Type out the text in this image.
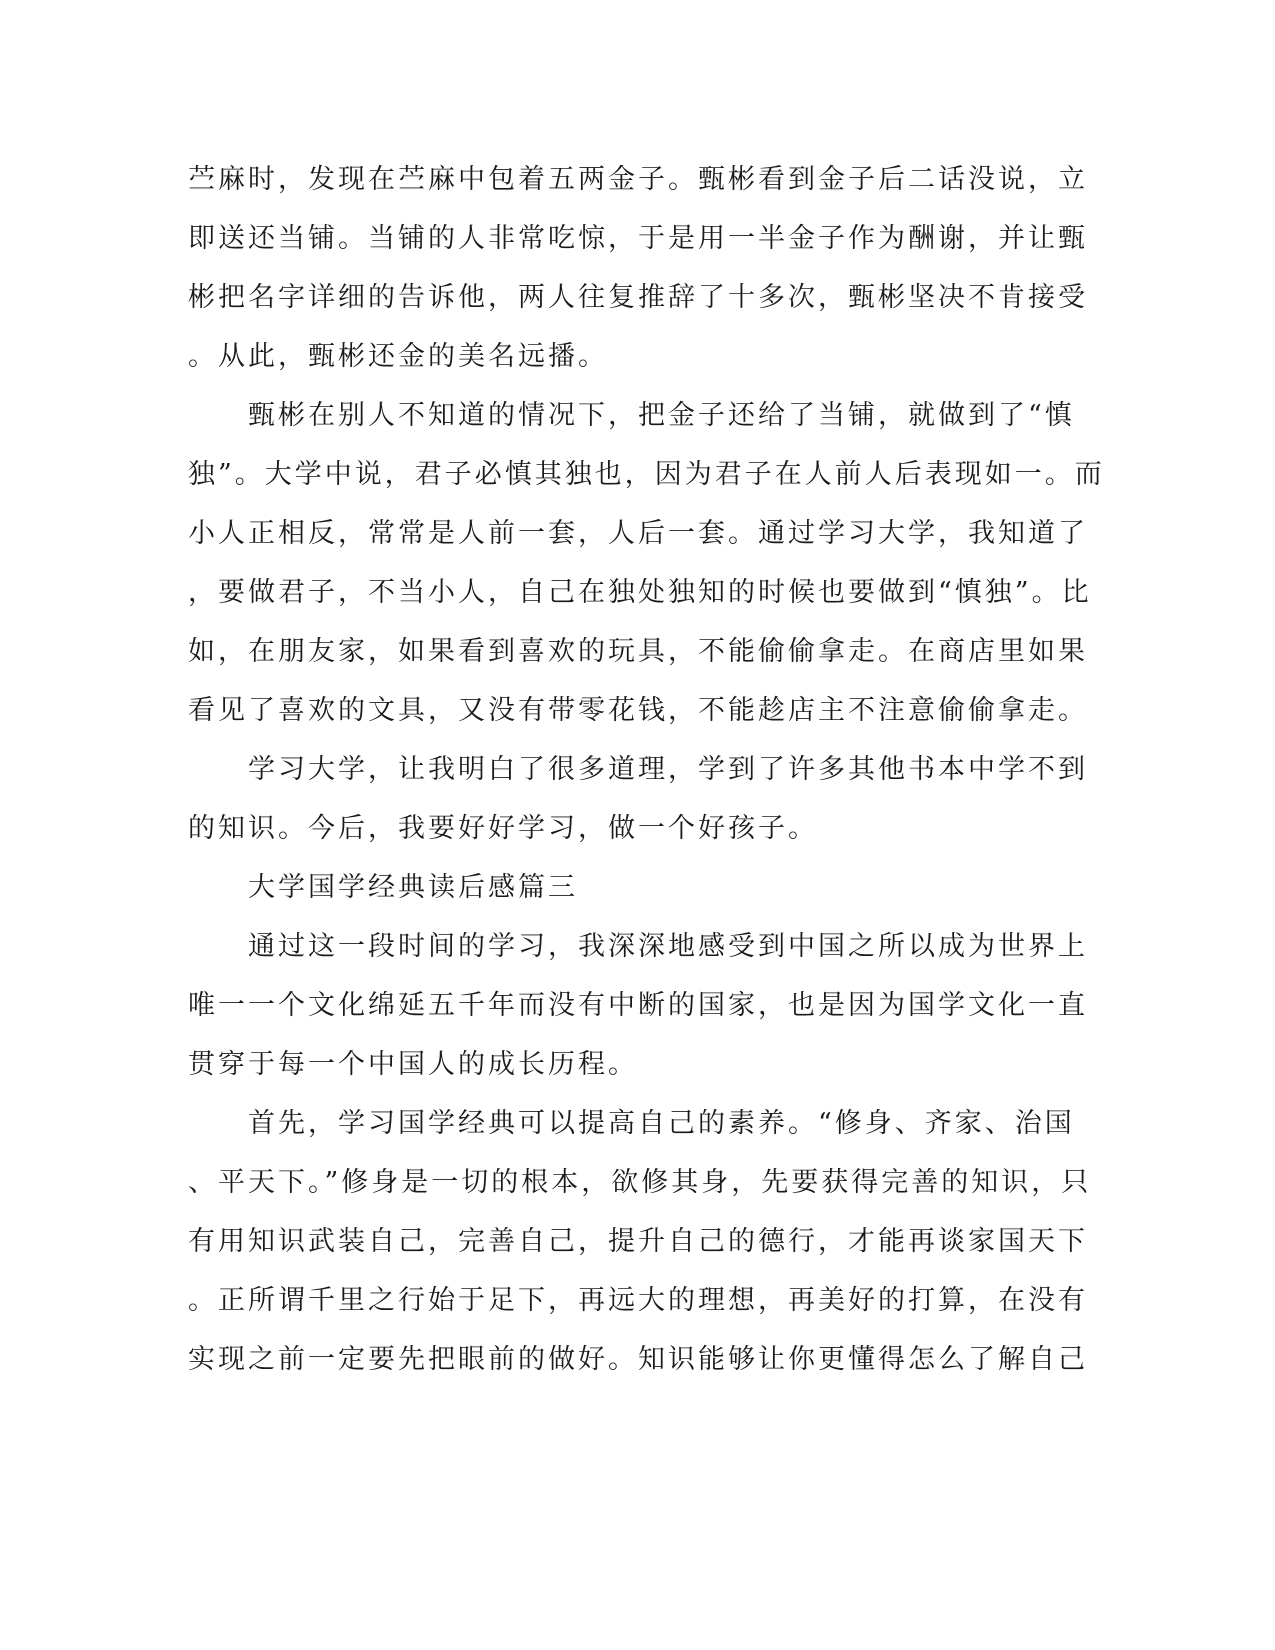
苎麻时，发现在苎麻中包着五两金子。甄彬看到金子后二话没说，立
即送还当铺。当铺的人非常吃惊，于是用一半金子作为酬谢，并让甄
彬把名字详细的告诉他，两人往复推辞了十多次，甄彬坚决不肯接受
。从此，甄彬还金的美名远播。
　　甄彬在别人不知道的情况下，把金子还给了当铺，就做到了“慎
独”。大学中说，君子必慎其独也，因为君子在人前人后表现如一。而
小人正相反，常常是人前一套，人后一套。通过学习大学，我知道了
，要做君子，不当小人，自己在独处独知的时候也要做到“慎独”。比
如，在朋友家，如果看到喜欢的玩具，不能偷偷拿走。在商店里如果
看见了喜欢的文具，又没有带零花钱，不能趁店主不注意偷偷拿走。
　　学习大学，让我明白了很多道理，学到了许多其他书本中学不到
的知识。今后，我要好好学习，做一个好孩子。
　　大学国学经典读后感篇三
　　通过这一段时间的学习，我深深地感受到中国之所以成为世界上
唯一一个文化绵延五千年而没有中断的国家，也是因为国学文化一直
贯穿于每一个中国人的成长历程。
　　首先，学习国学经典可以提高自己的素养。“修身、齐家、治国
、平天下。”修身是一切的根本，欲修其身，先要获得完善的知识，只
有用知识武装自己，完善自己，提升自己的德行，才能再谈家国天下
。正所谓千里之行始于足下，再远大的理想，再美好的打算，在没有
实现之前一定要先把眼前的做好。知识能够让你更懂得怎么了解自己
